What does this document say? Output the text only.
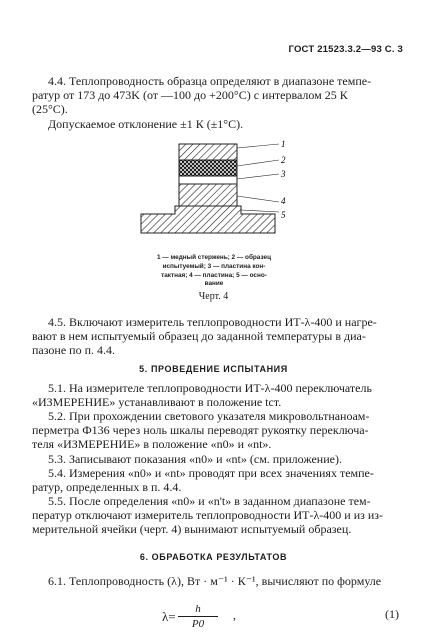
ГОСТ 21523.3.2—93 С. 3
4.4. Теплопроводность образца определяют в диапазоне темпе-
ратур от 173 до 473K (от —100 до +200°C) с интервалом 25 К
(25°С).
Допускаемое отклонение ±1 К (±1°С).
1
2
3
4
5
1 — медный стержень; 2 — образец
испытуемый; 3 — пластина кон-
тактная; 4 — пластина; 5 — осно-
вание
Черт. 4
4.5. Включают измеритель теплопроводности ИТ-λ-400 и нагре-
вают в нем испытуемый образец до заданной температуры в диа-
пазоне по п. 4.4.
5. ПРОВЕДЕНИЕ ИСПЫТАНИЯ
5.1. На измерителе теплопроводности ИТ-λ-400 переключатель
«ИЗМЕРЕНИЕ» устанавливают в положение tст.
5.2. При прохождении светового указателя микровольтнаноам-
перметра Ф136 через ноль шкалы переводят рукоятку переключа-
теля «ИЗМЕРЕНИЕ» в положение «n0» и «nt».
5.3. Записывают показания «n0» и «nt» (см. приложение).
5.4. Измерения «n0» и «nt» проводят при всех значениях темпе-
ратур, определенных в п. 4.4.
5.5. После определения «n0» и «n't» в заданном диапазоне тем-
ператур отключают измеритель теплопроводности ИТ-λ-400 и из из-
мерительной ячейки (черт. 4) вынимают испытуемый образец.
6. ОБРАБОТКА РЕЗУЛЬТАТОВ
6.1. Теплопроводность (λ), Вт · м⁻¹ · К⁻¹, вычисляют по формуле
λ=	h
P0
,	(1)
